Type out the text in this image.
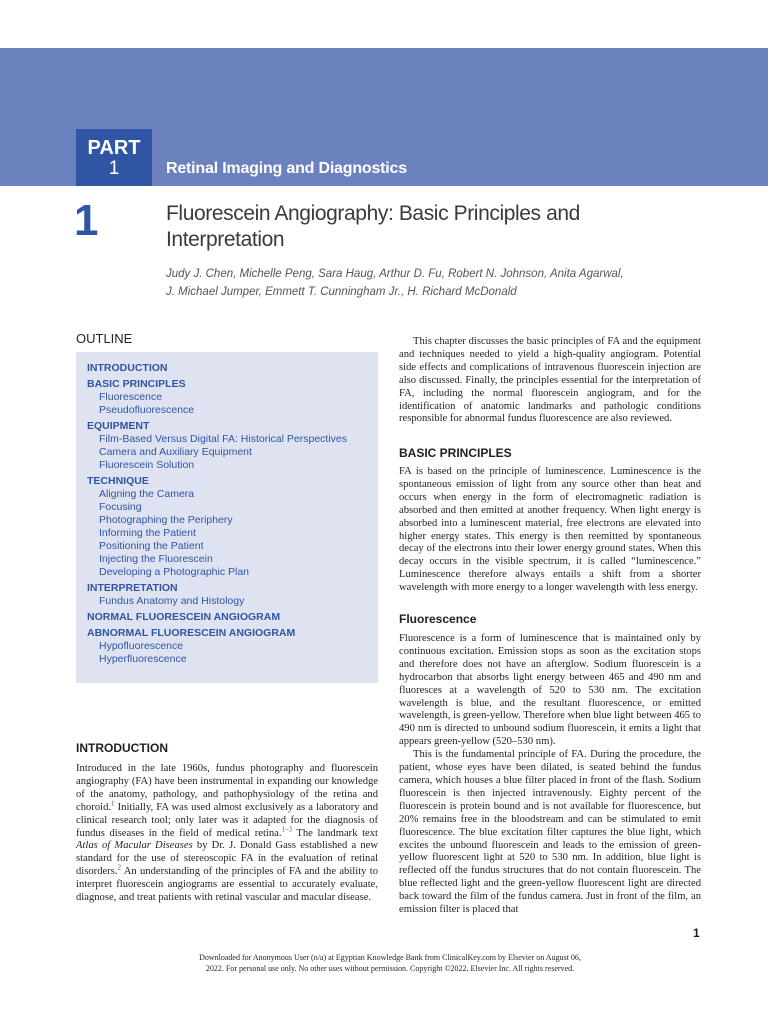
PART
1	Retinal Imaging and Diagnostics
1	Fluorescein Angiography: Basic Principles and
Interpretation
Judy J. Chen, Michelle Peng, Sara Haug, Arthur D. Fu, Robert N. Johnson, Anita Agarwal,
J. Michael Jumper, Emmett T. Cunningham Jr., H. Richard McDonald
OUTLINE
INTRODUCTION
BASIC PRINCIPLES
Fluorescence
Pseudofluorescence
EQUIPMENT
Film-Based Versus Digital FA: Historical Perspectives
Camera and Auxiliary Equipment
Fluorescein Solution
TECHNIQUE
Aligning the Camera
Focusing
Photographing the Periphery
Informing the Patient
Positioning the Patient
Injecting the Fluorescein
Developing a Photographic Plan
INTERPRETATION
Fundus Anatomy and Histology
NORMAL FLUORESCEIN ANGIOGRAM
ABNORMAL FLUORESCEIN ANGIOGRAM
Hypofluorescence
Hyperfluorescence
INTRODUCTION
Introduced in the late 1960s, fundus photography and fluorescein angiography (FA) have been instrumental in expanding our knowledge of the anatomy, pathology, and pathophysiology of the retina and choroid.$^1$ Initially, FA was used almost exclusively as a laboratory and clinical research tool; only later was it adapted for the diagnosis of fundus diseases in the field of medical retina.$^{1-3}$ The landmark text Atlas of Macular Diseases by Dr. J. Donald Gass established a new standard for the use of stereoscopic FA in the evaluation of retinal disorders.$^2$ An understanding of the principles of FA and the ability to interpret fluorescein angiograms are essential to accurately evaluate, diagnose, and treat patients with retinal vascular and macular disease.
This chapter discusses the basic principles of FA and the equipment and techniques needed to yield a high-quality angiogram. Potential side effects and complications of intravenous fluorescein injection are also discussed. Finally, the principles essential for the interpretation of FA, including the normal fluorescein angiogram, and for the identification of anatomic landmarks and pathologic conditions responsible for abnormal fundus fluorescence are also reviewed.
BASIC PRINCIPLES
FA is based on the principle of luminescence. Luminescence is the spontaneous emission of light from any source other than heat and occurs when energy in the form of electromagnetic radiation is absorbed and then emitted at another frequency. When light energy is absorbed into a luminescent material, free electrons are elevated into higher energy states. This energy is then reemitted by spontaneous decay of the electrons into their lower energy ground states. When this decay occurs in the visible spectrum, it is called “luminescence.” Luminescence therefore always entails a shift from a shorter wavelength with more energy to a longer wavelength with less energy.
Fluorescence
Fluorescence is a form of luminescence that is maintained only by continuous excitation. Emission stops as soon as the excitation stops and therefore does not have an afterglow. Sodium fluorescein is a hydrocarbon that absorbs light energy between 465 and 490 nm and fluoresces at a wavelength of 520 to 530 nm. The excitation wavelength is blue, and the resultant fluorescence, or emitted wavelength, is green-yellow. Therefore when blue light between 465 to 490 nm is directed to unbound sodium fluorescein, it emits a light that appears green-yellow (520–530 nm).
This is the fundamental principle of FA. During the procedure, the patient, whose eyes have been dilated, is seated behind the fundus camera, which houses a blue filter placed in front of the flash. Sodium fluorescein is then injected intravenously. Eighty percent of the fluorescein is protein bound and is not available for fluorescence, but 20% remains free in the bloodstream and can be stimulated to emit fluorescence. The blue excitation filter captures the blue light, which excites the unbound fluorescein and leads to the emission of green-yellow fluorescent light at 520 to 530 nm. In addition, blue light is reflected off the fundus structures that do not contain fluorescein. The blue reflected light and the green-yellow fluorescent light are directed back toward the film of the fundus camera. Just in front of the film, an emission filter is placed that
1
Downloaded for Anonymous User (n/a) at Egyptian Knowledge Bank from ClinicalKey.com by Elsevier on August 06,
2022. For personal use only. No other uses without permission. Copyright ©2022. Elsevier Inc. All rights reserved.
